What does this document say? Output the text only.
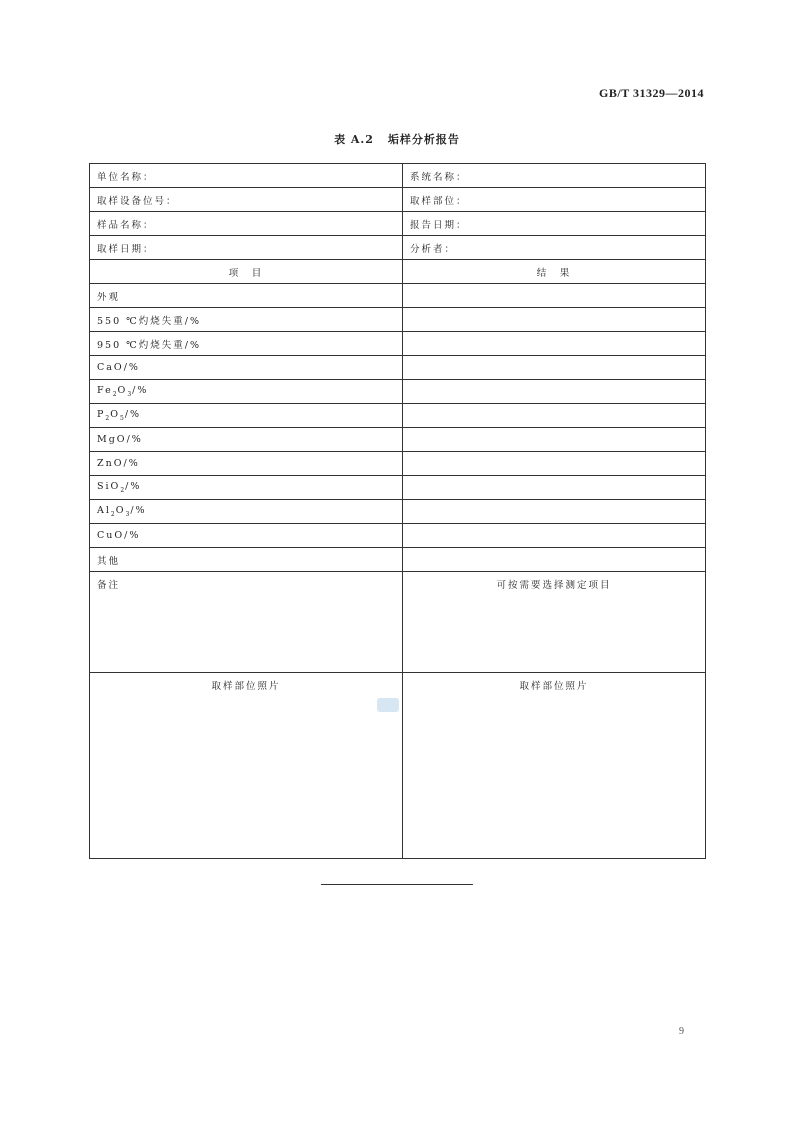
GB/T 31329—2014
表 A.2 垢样分析报告
单位名称：	系统名称：
取样设备位号：	取样部位：
样品名称：	报告日期：
取样日期：	分析者：
项　目	结　果
外观	
550 ℃灼烧失重/%	
950 ℃灼烧失重/%	
CaO/%	
$Fe_2O_3/\%$	
$P_2O_5/\%$	
MgO/%	
ZnO/%	
SiO$_2$/%	
$Al_2O_3/\%$	
CuO/%	
其他	
备注	可按需要选择测定项目
取样部位照片	取样部位照片
9
